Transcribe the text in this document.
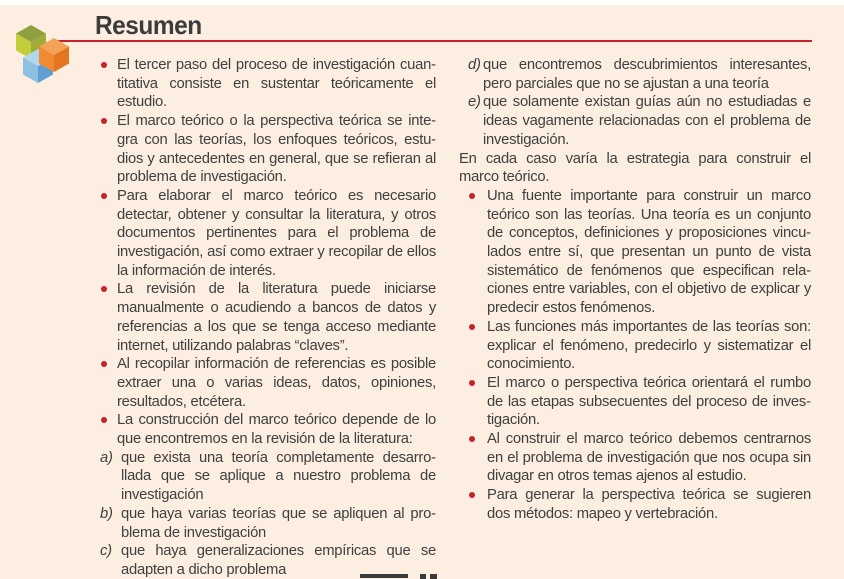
Resumen
El tercer paso del proceso de investigación cuantitativa consiste en sustentar teóricamente el estudio.
El marco teórico o la perspectiva teórica se integra con las teorías, los enfoques teóricos, estudios y antecedentes en general, que se refieran al problema de investigación.
Para elaborar el marco teórico es necesario detectar, obtener y consultar la literatura, y otros documentos pertinentes para el problema de investigación, así como extraer y recopilar de ellos la información de interés.
La revisión de la literatura puede iniciarse manualmente o acudiendo a bancos de datos y referencias a los que se tenga acceso mediante internet, utilizando palabras “claves”.
Al recopilar información de referencias es posible extraer una o varias ideas, datos, opiniones, resultados, etcétera.
La construcción del marco teórico depende de lo que encontremos en la revisión de la literatura:
a) que exista una teoría completamente desarrollada que se aplique a nuestro problema de investigación
b) que haya varias teorías que se apliquen al problema de investigación
c) que haya generalizaciones empíricas que se adapten a dicho problema
d) que encontremos descubrimientos interesantes, pero parciales que no se ajustan a una teoría
e) que solamente existan guías aún no estudiadas e ideas vagamente relacionadas con el problema de investigación.
En cada caso varía la estrategia para construir el marco teórico.
Una fuente importante para construir un marco teórico son las teorías. Una teoría es un conjunto de conceptos, definiciones y proposiciones vinculados entre sí, que presentan un punto de vista sistemático de fenómenos que especifican relaciones entre variables, con el objetivo de explicar y predecir estos fenómenos.
Las funciones más importantes de las teorías son: explicar el fenómeno, predecirlo y sistematizar el conocimiento.
El marco o perspectiva teórica orientará el rumbo de las etapas subsecuentes del proceso de investigación.
Al construir el marco teórico debemos centrarnos en el problema de investigación que nos ocupa sin divagar en otros temas ajenos al estudio.
Para generar la perspectiva teórica se sugieren dos métodos: mapeo y vertebración.
